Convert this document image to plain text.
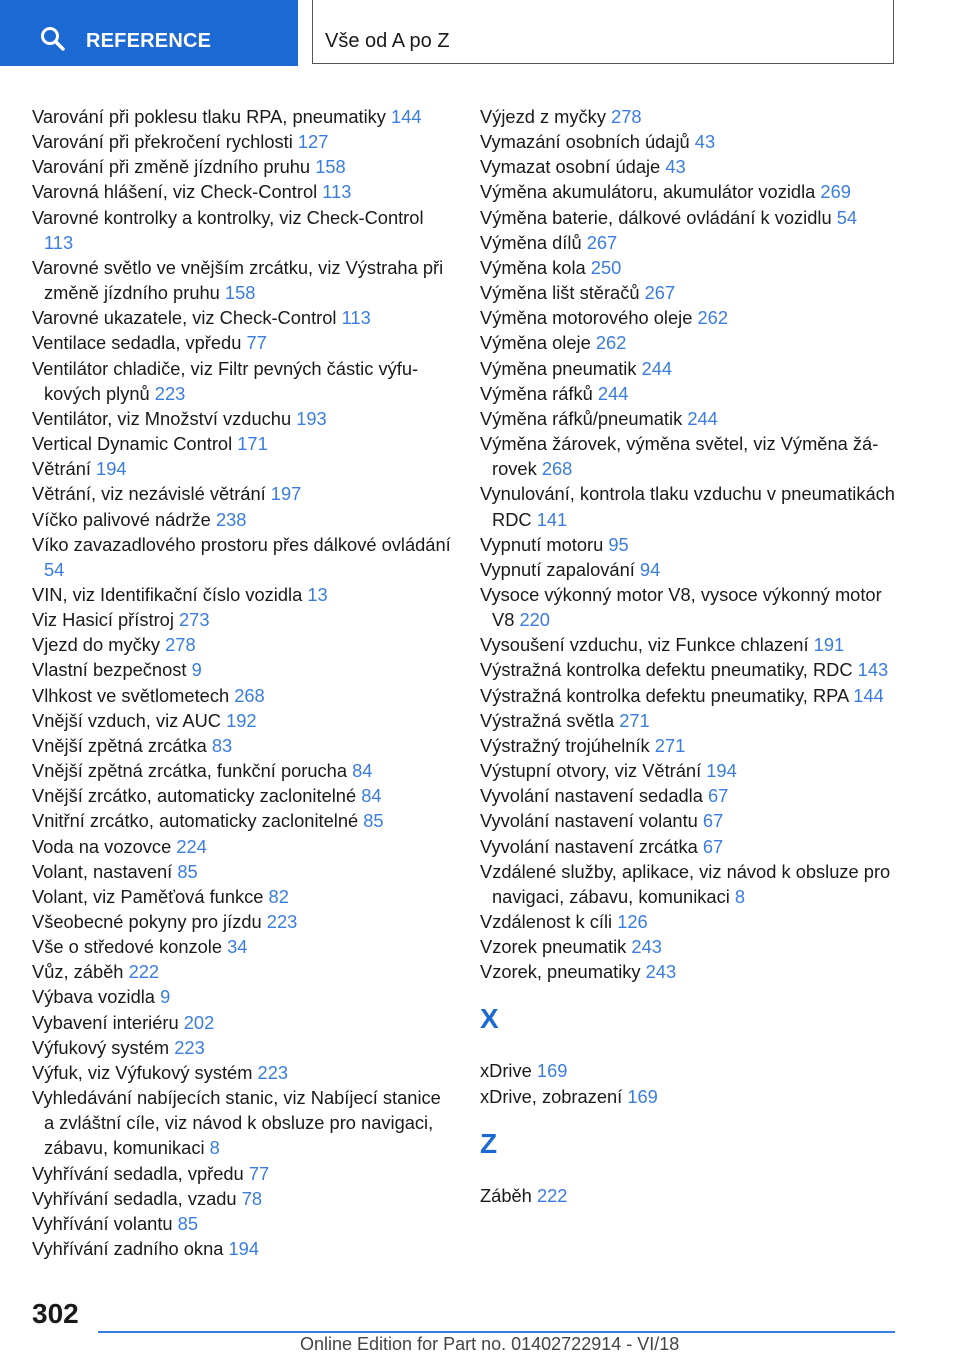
REFERENCE	Vše od A po Z
Varování při poklesu tlaku RPA, pneumatiky 144
Varování při překročení rychlosti 127
Varování při změně jízdního pruhu 158
Varovná hlášení, viz Check-Control 113
Varovné kontrolky a kontrolky, viz Check-Control 113
Varovné světlo ve vnějším zrcátku, viz Výstraha při změně jízdního pruhu 158
Varovné ukazatele, viz Check-Control 113
Ventilace sedadla, vpředu 77
Ventilátor chladiče, viz Filtr pevných částic výfukových plynů 223
Ventilátor, viz Množství vzduchu 193
Vertical Dynamic Control 171
Větrání 194
Větrání, viz nezávislé větrání 197
Víčko palivové nádrže 238
Víko zavazadlového prostoru přes dálkové ovládání 54
VIN, viz Identifikační číslo vozidla 13
Viz Hasicí přístroj 273
Vjezd do myčky 278
Vlastní bezpečnost 9
Vlhkost ve světlometech 268
Vnější vzduch, viz AUC 192
Vnější zpětná zrcátka 83
Vnější zpětná zrcátka, funkční porucha 84
Vnější zrcátko, automaticky zaclonitelné 84
Vnitřní zrcátko, automaticky zaclonitelné 85
Voda na vozovce 224
Volant, nastavení 85
Volant, viz Paměťová funkce 82
Všeobecné pokyny pro jízdu 223
Vše o středové konzole 34
Vůz, záběh 222
Výbava vozidla 9
Vybavení interiéru 202
Výfukový systém 223
Výfuk, viz Výfukový systém 223
Vyhledávání nabíjecích stanic, viz Nabíjecí stanice a zvláštní cíle, viz návod k obsluze pro navigaci, zábavu, komunikaci 8
Vyhřívání sedadla, vpředu 77
Vyhřívání sedadla, vzadu 78
Vyhřívání volantu 85
Vyhřívání zadního okna 194
Výjezd z myčky 278
Vymazání osobních údajů 43
Vymazat osobní údaje 43
Výměna akumulátoru, akumulátor vozidla 269
Výměna baterie, dálkové ovládání k vozidlu 54
Výměna dílů 267
Výměna kola 250
Výměna lišt stěračů 267
Výměna motorového oleje 262
Výměna oleje 262
Výměna pneumatik 244
Výměna ráfků 244
Výměna ráfků/pneumatik 244
Výměna žárovek, výměna světel, viz Výměna žárovek 268
Vynulování, kontrola tlaku vzduchu v pneumatikách RDC 141
Vypnutí motoru 95
Vypnutí zapalování 94
Vysoce výkonný motor V8, vysoce výkonný motor V8 220
Vysoušení vzduchu, viz Funkce chlazení 191
Výstražná kontrolka defektu pneumatiky, RDC 143
Výstražná kontrolka defektu pneumatiky, RPA 144
Výstražná světla 271
Výstražný trojúhelník 271
Výstupní otvory, viz Větrání 194
Vyvolání nastavení sedadla 67
Vyvolání nastavení volantu 67
Vyvolání nastavení zrcátka 67
Vzdálené služby, aplikace, viz návod k obsluze pro navigaci, zábavu, komunikaci 8
Vzdálenost k cíli 126
Vzorek pneumatik 243
Vzorek, pneumatiky 243
X
xDrive 169
xDrive, zobrazení 169
Z
Záběh 222
302
Online Edition for Part no. 01402722914 - VI/18
